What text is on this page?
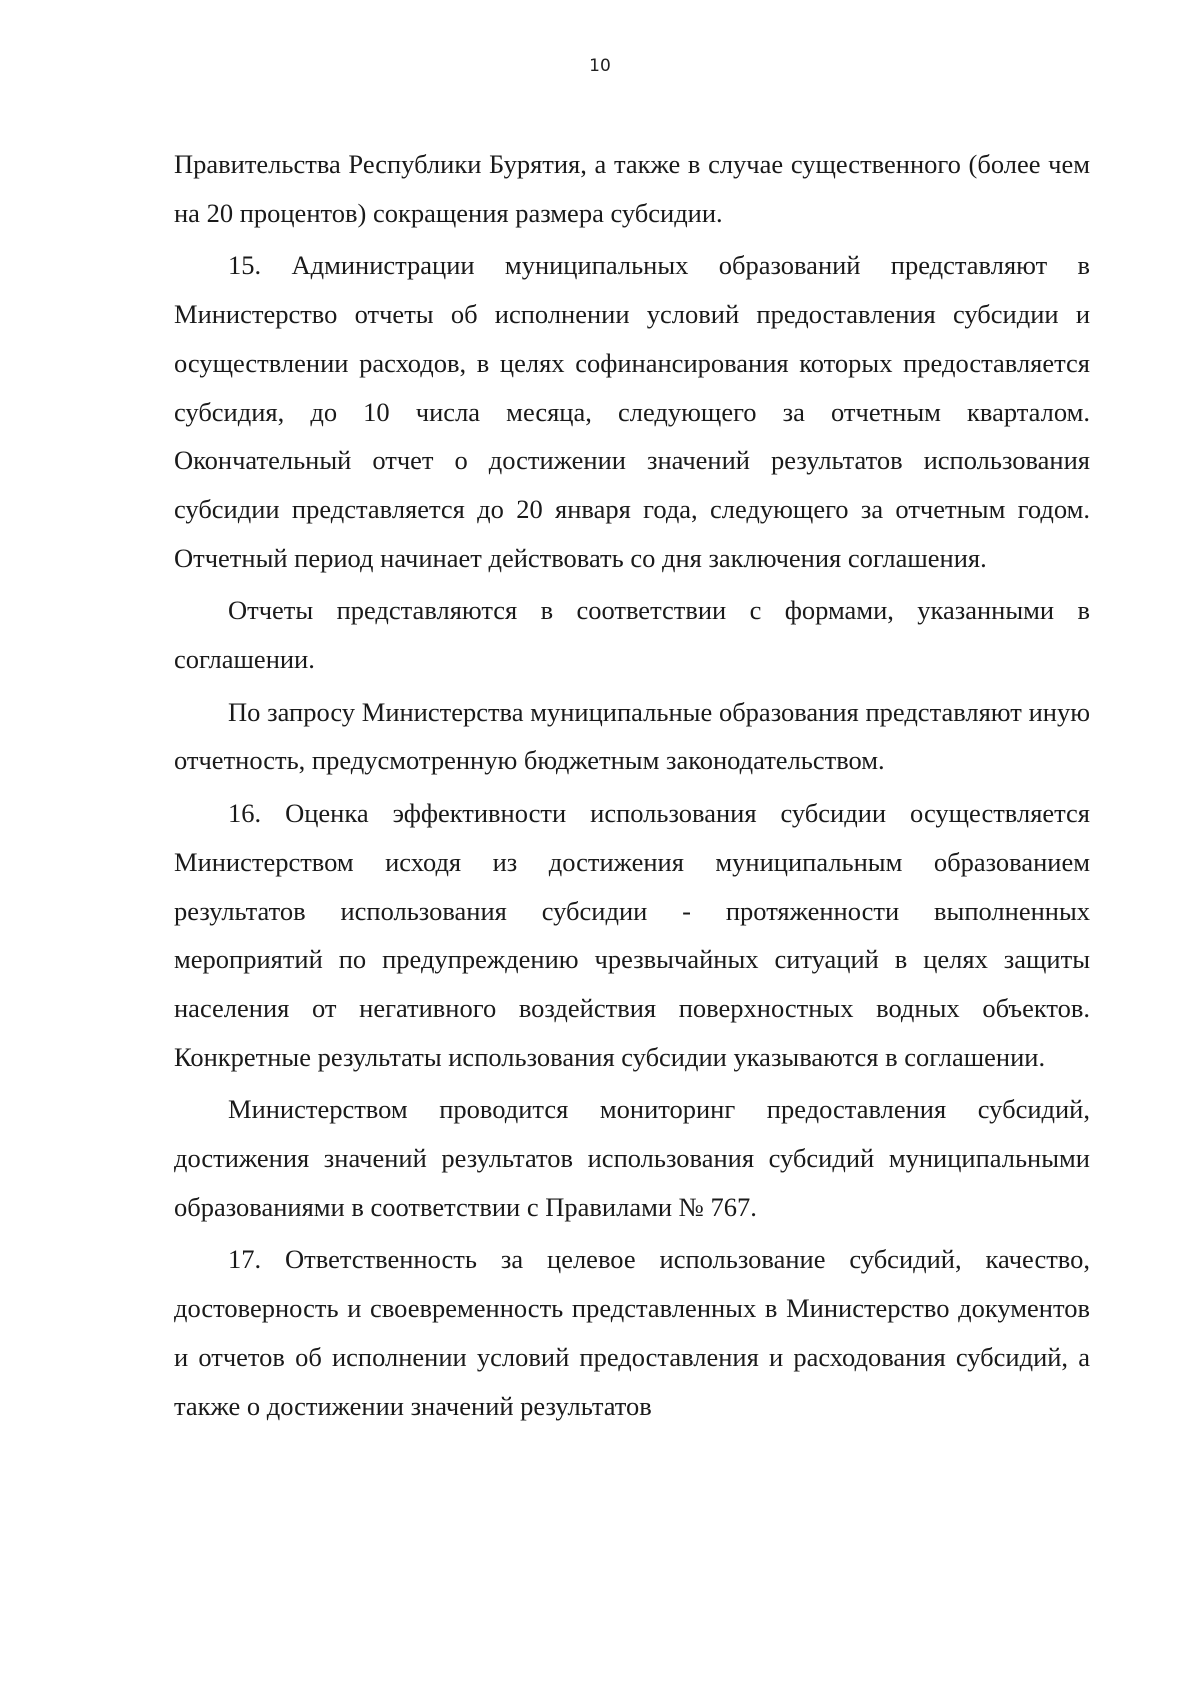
10

Правительства Республики Бурятия, а также в случае существенного (более чем на 20 процентов) сокращения размера субсидии.

15. Администрации муниципальных образований представляют в Министерство отчеты об исполнении условий предоставления субсидии и осуществлении расходов, в целях софинансирования которых предоставляется субсидия, до 10 числа месяца, следующего за отчетным кварталом. Окончательный отчет о достижении значений результатов использования субсидии представляется до 20 января года, следующего за отчетным годом. Отчетный период начинает действовать со дня заключения соглашения.

Отчеты представляются в соответствии с формами, указанными в соглашении.

По запросу Министерства муниципальные образования представляют иную отчетность, предусмотренную бюджетным законодательством.

16. Оценка эффективности использования субсидии осуществляется Министерством исходя из достижения муниципальным образованием результатов использования субсидии - протяженности выполненных мероприятий по предупреждению чрезвычайных ситуаций в целях защиты населения от негативного воздействия поверхностных водных объектов. Конкретные результаты использования субсидии указываются в соглашении.

Министерством проводится мониторинг предоставления субсидий, достижения значений результатов использования субсидий муниципальными образованиями в соответствии с Правилами № 767.

17. Ответственность за целевое использование субсидий, качество, достоверность и своевременность представленных в Министерство документов и отчетов об исполнении условий предоставления и расходования субсидий, а также о достижении значений результатов
